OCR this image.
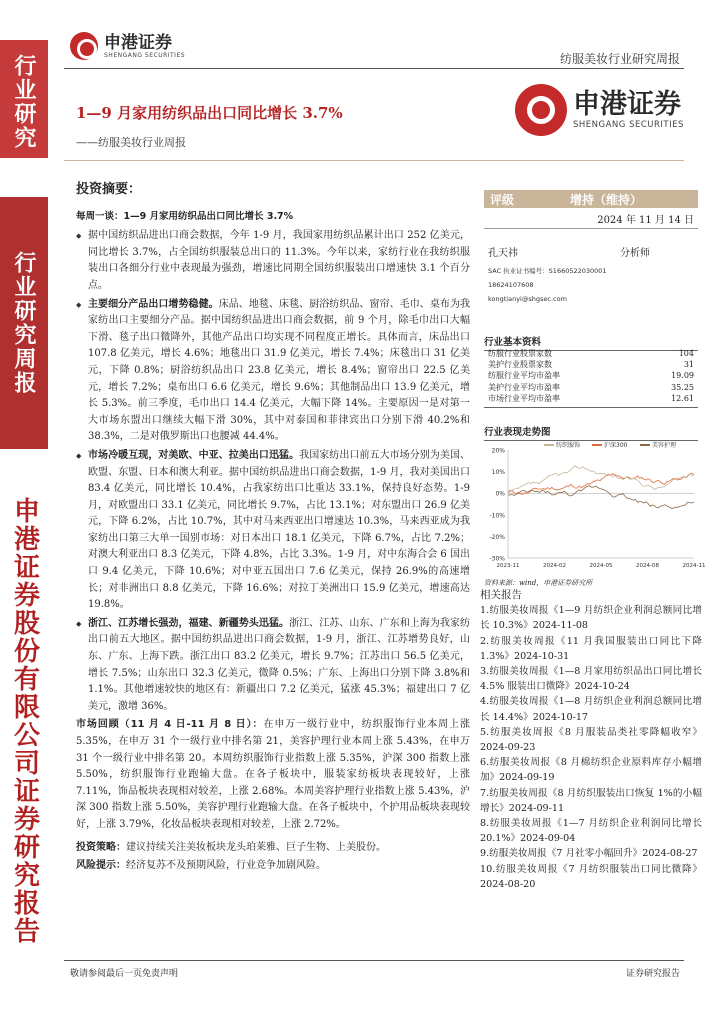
行业研究
行业研究周报
申港证券股份有限公司证券研究报告
申港证券
SHENGANG SECURITIES	纺服美妆行业研究周报
申港证券
SHENGANG SECURITIES
1—9 月家用纺织品出口同比增长 3.7%
——纺服美妆行业周报
投资摘要：
每周一谈：1—9 月家用纺织品出口同比增长 3.7%
◆ 据中国纺织品进出口商会数据，今年 1-9 月，我国家用纺织品累计出口 252 亿美元，同比增长 3.7%，占全国纺织服装总出口的 11.3%。今年以来，家纺行业在我纺织服装出口各细分行业中表现最为强劲，增速比同期全国纺织服装出口增速快 3.1 个百分点。
◆ 主要细分产品出口增势稳健。床品、地毯、床毯、厨浴纺织品、窗帘、毛巾、桌布为我家纺出口主要细分产品。据中国纺织品进出口商会数据，前 9 个月，除毛巾出口大幅下滑、毯子出口微降外，其他产品出口均实现不同程度正增长。具体而言，床品出口 107.8 亿美元，增长 4.6%；地毯出口 31.9 亿美元，增长 7.4%；床毯出口 31 亿美元，下降 0.8%；厨浴纺织品出口 23.8 亿美元，增长 8.4%；窗帘出口 22.5 亿美元，增长 7.2%；桌布出口 6.6 亿美元，增长 9.6%；其他制品出口 13.9 亿美元，增长 5.3%。前三季度，毛巾出口 14.4 亿美元，大幅下降 14%。主要原因一是对第一大市场东盟出口继续大幅下滑 30%，其中对泰国和菲律宾出口分别下滑 40.2%和 38.3%，二是对俄罗斯出口也腰减 44.4%。
◆ 市场冷暖互现，对美欧、中亚、拉美出口迅猛。我国家纺出口前五大市场分别为美国、欧盟、东盟、日本和澳大利亚。据中国纺织品进出口商会数据，1-9 月，我对美国出口 83.4 亿美元，同比增长 10.4%，占我家纺出口比重达 33.1%，保持良好态势。1-9 月，对欧盟出口 33.1 亿美元，同比增长 9.7%，占比 13.1%；对东盟出口 26.9 亿美元，下降 6.2%，占比 10.7%，其中对马来西亚出口增速达 10.3%，马来西亚成为我家纺出口第三大单一国别市场：对日本出口 18.1 亿美元，下降 6.7%，占比 7.2%；对澳大利亚出口 8.3 亿美元，下降 4.8%，占比 3.3%。1-9 月，对中东海合会 6 国出口 9.4 亿美元，下降 10.6%；对中亚五国出口 7.6 亿美元，保持 26.9%的高速增长；对非洲出口 8.8 亿美元，下降 16.6%；对拉丁美洲出口 15.9 亿美元，增速高达 19.8%。
◆ 浙江、江苏增长强劲，福建、新疆势头迅猛。浙江、江苏、山东、广东和上海为我家纺出口前五大地区。据中国纺织品进出口商会数据，1-9 月，浙江、江苏增势良好，山东、广东、上海下跌。浙江出口 83.2 亿美元，增长 9.7%；江苏出口 56.5 亿美元，增长 7.5%；山东出口 32.3 亿美元，微降 0.5%；广东、上海出口分别下降 3.8%和 1.1%。其他增速较快的地区有：新疆出口 7.2 亿美元，猛涨 45.3%；福建出口 7 亿美元，激增 36%。
市场回顾（11 月 4 日-11 月 8 日）：在申万一级行业中，纺织服饰行业本周上涨 5.35%，在申万 31 个一级行业中排名第 21，美容护理行业本周上涨 5.43%，在申万 31 个一级行业中排名第 20。本周纺织服饰行业指数上涨 5.35%，沪深 300 指数上涨 5.50%，纺织服饰行业跑输大盘。在各子板块中，服装家纺板块表现较好，上涨 7.11%，饰品板块表现相对较差，上涨 2.68%。本周美容护理行业指数上涨 5.43%，沪深 300 指数上涨 5.50%，美容护理行业跑输大盘。在各子板块中，个护用品板块表现较好，上涨 3.79%，化妆品板块表现相对较差，上涨 2.72%。
投资策略：建议持续关注美妆板块龙头珀莱雅、巨子生物、上美股份。
风险提示：经济复苏不及预期风险，行业竞争加剧风险。
评级	增持（维持）
2024 年 11 月 14 日
孔天祎	分析师
SAC 执业证书编号：S1660522030001
18624107608
kongtianyi@shgsec.com
行业基本资料
纺服行业股票家数	104
美护行业股票家数	31
纺服行业平均市盈率	19.09
美护行业平均市盈率	35.25
市场行业平均市盈率	12.61
行业表现走势图
20%
10%
0%
-10%
-20%
-30%
2023-11	2024-02	2024-05	2024-08	2024-11
纺织服饰	沪深300	美容护理
资料来源：wind，申港证券研究所
相关报告
1.纺服美妆周报《1—9 月纺织企业利润总额同比增长 10.3%》2024-11-08
2.纺服美妆周报《11 月我国服装出口同比下降 1.3%》2024-10-31
3.纺服美妆周报《1—8 月家用纺织品出口同比增长 4.5% 服装出口微降》2024-10-24
4.纺服美妆周报《1—8 月纺织企业利润总额同比增长 14.4%》2024-10-17
5.纺服美妆周报《8 月服装品类社零降幅收窄》2024-09-23
6.纺服美妆周报《8 月棉纺织企业原料库存小幅增加》2024-09-19
7.纺服美妆周报《8 月纺织服装出口恢复 1%的小幅增长》2024-09-11
8.纺服美妆周报《1—7 月纺织企业利润同比增长 20.1%》2024-09-04
9.纺服美妆周报《7 月社零小幅回升》2024-08-27
10.纺服美妆周报《7 月纺织服装出口同比微降》2024-08-20
敬请参阅最后一页免责声明	证券研究报告
